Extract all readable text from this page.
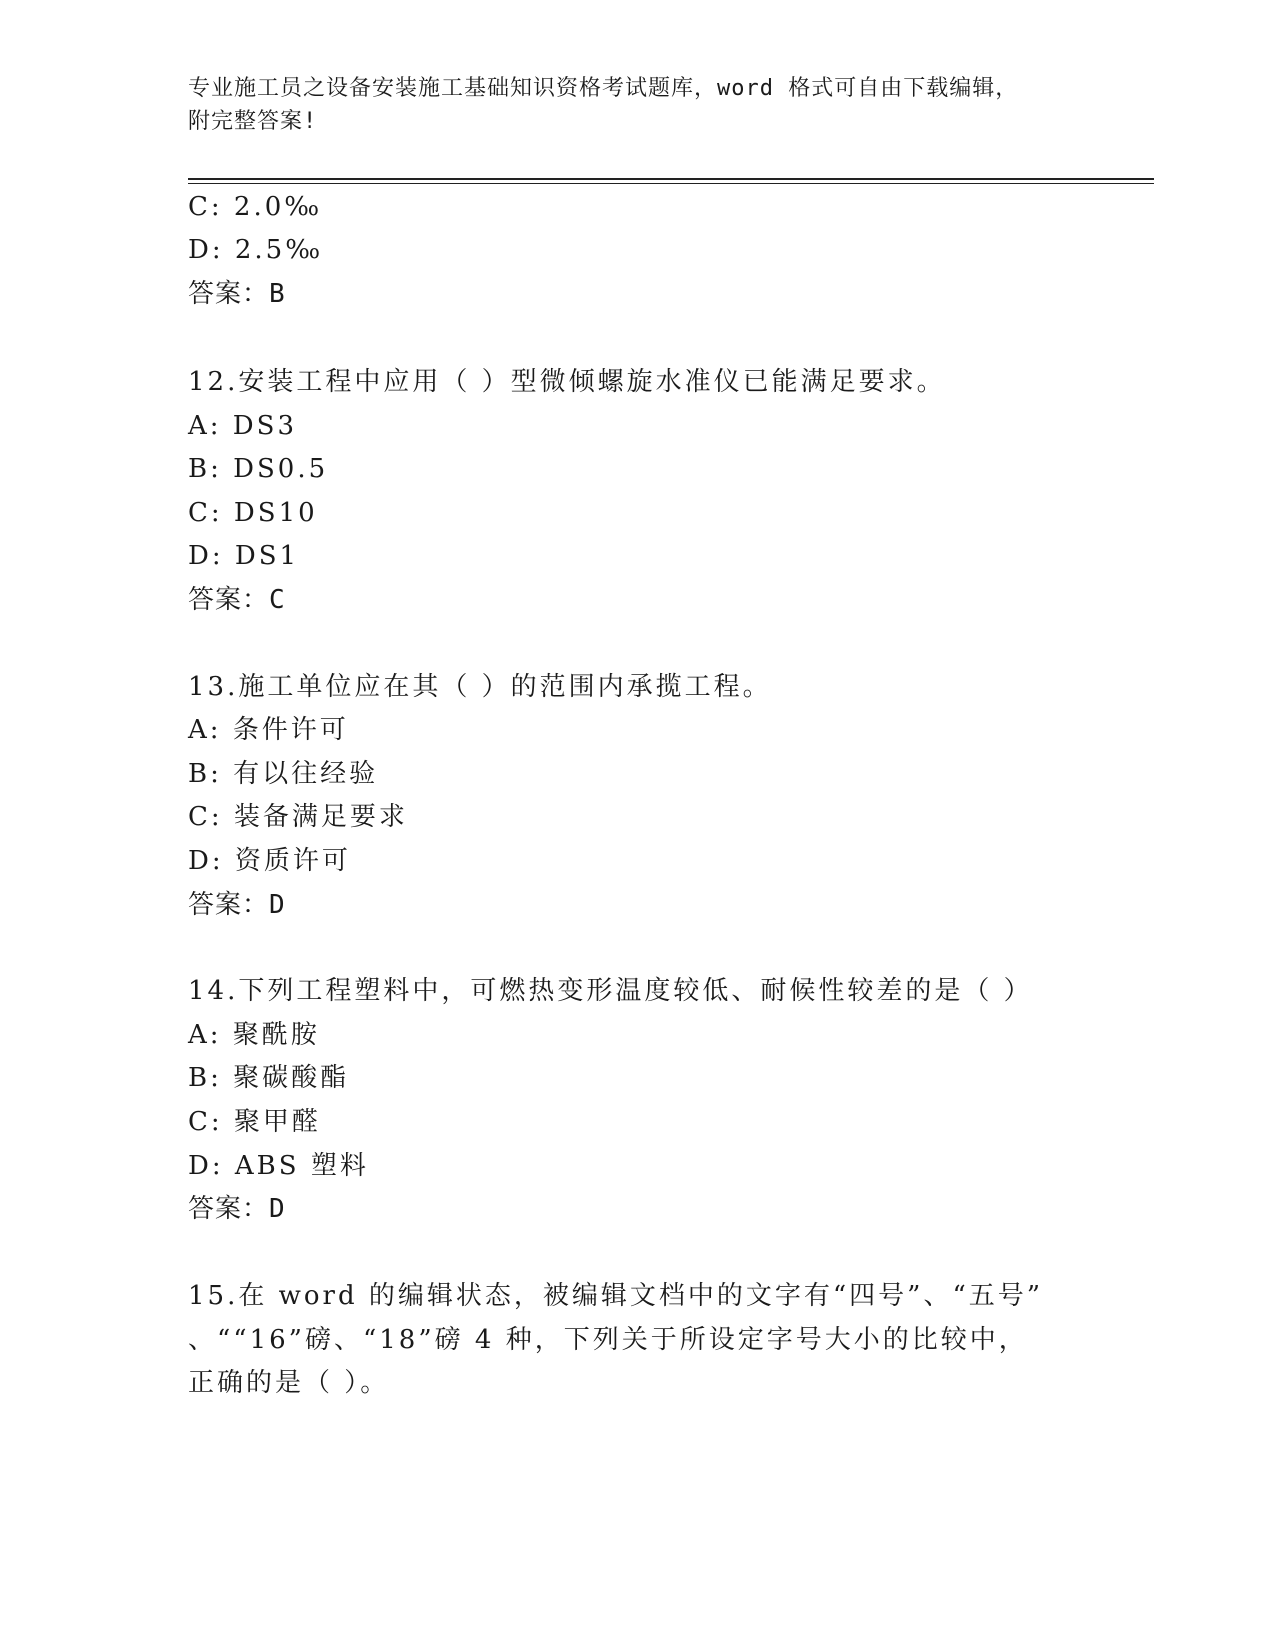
专业施工员之设备安装施工基础知识资格考试题库，word 格式可自由下载编辑，
附完整答案!
C: 2.0‰
D: 2.5‰
答案：B
12.安装工程中应用（ ）型微倾螺旋水准仪已能满足要求。
A: DS3
B: DS0.5
C: DS10
D: DS1
答案：C
13.施工单位应在其（ ）的范围内承揽工程。
A: 条件许可
B: 有以往经验
C: 装备满足要求
D: 资质许可
答案：D
14.下列工程塑料中，可燃热变形温度较低、耐候性较差的是（ ）
A: 聚酰胺
B: 聚碳酸酯
C: 聚甲醛
D: ABS 塑料
答案：D
15.在 word 的编辑状态，被编辑文档中的文字有“四号”、“五号”
、““16”磅、“18”磅 4 种，下列关于所设定字号大小的比较中，
正确的是（ ）。
